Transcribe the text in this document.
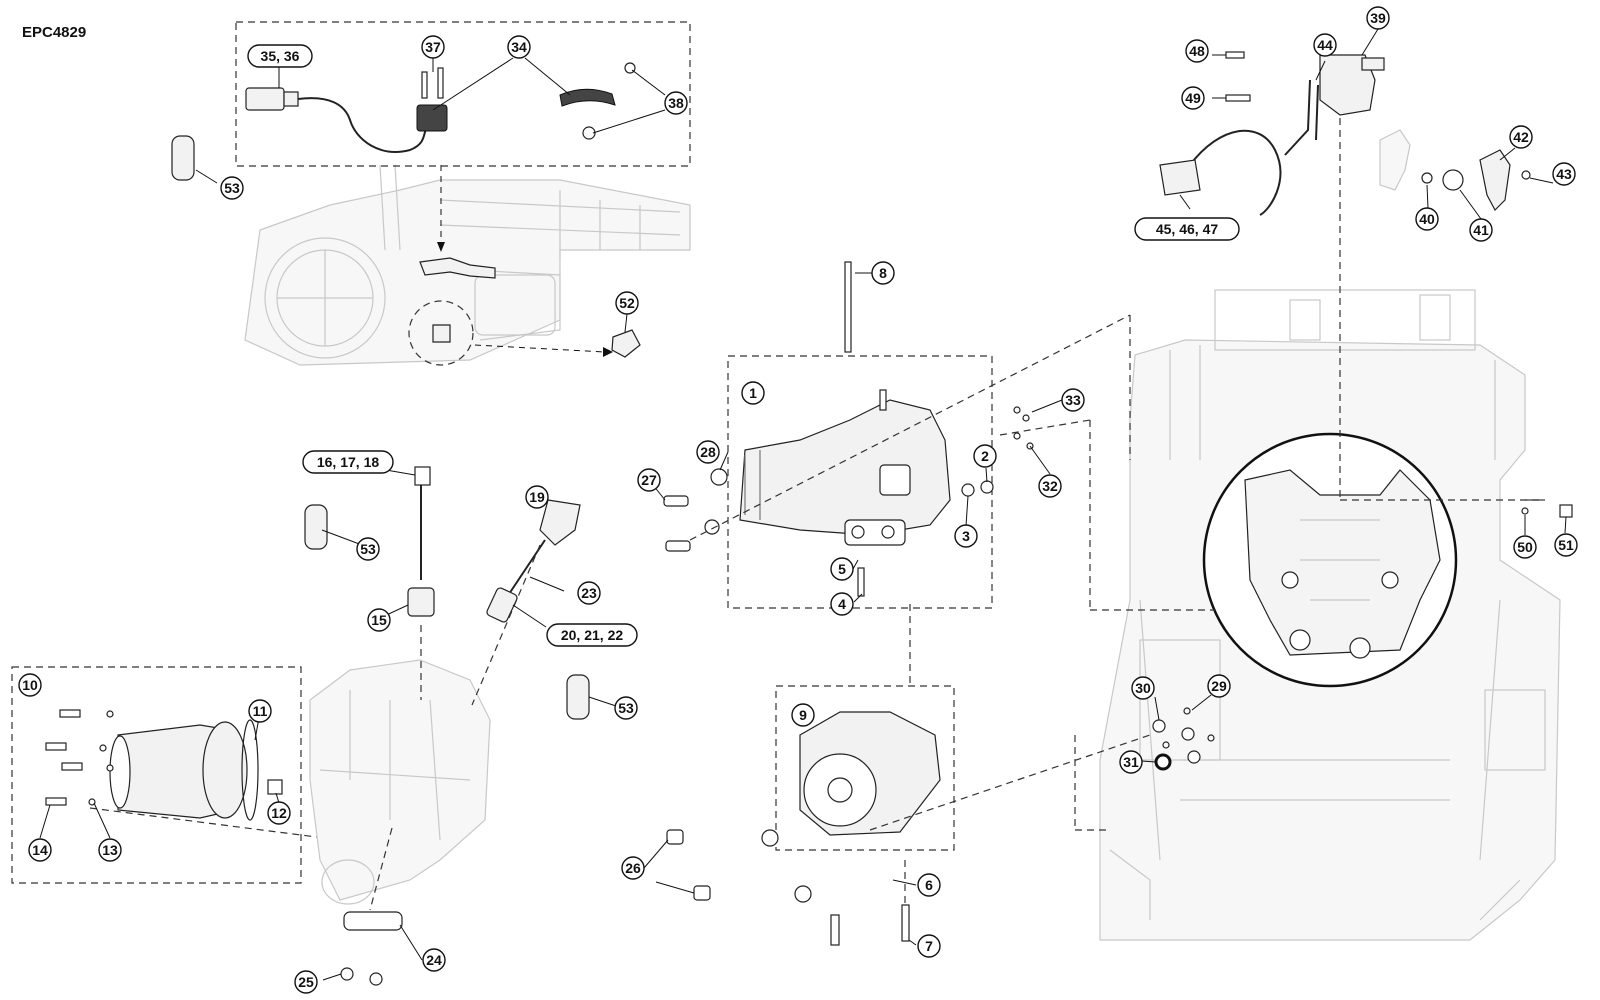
EPC4829
35, 36
37	34
38
53
52
8
1
2
3
5
4
28
27
33
32
9
6
7
26
10
11
12
13
14
16, 17, 18
53
15
19
23
20, 21, 22
53
24
25
30	29
31
39
44
48
49
45, 46, 47
40
41
42
43
50 51
